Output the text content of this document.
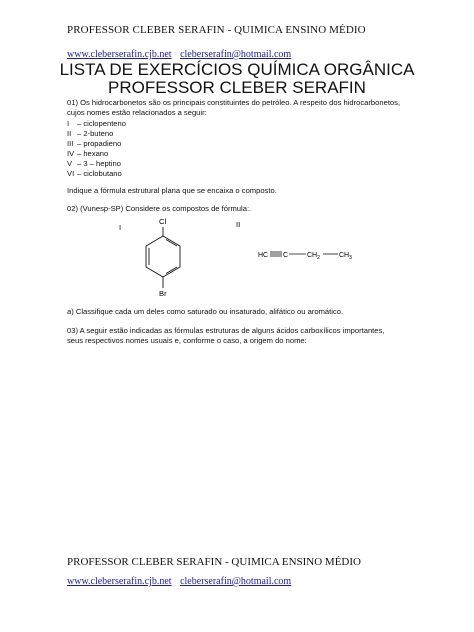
PROFESSOR CLEBER SERAFIN - QUIMICA ENSINO MÉDIO
www.cleberserafin.cjb.net cleberserafin@hotmail.com
LISTA DE EXERCÍCIOS QUÍMICA ORGÂNICA
PROFESSOR CLEBER SERAFIN
01) Os hidrocarbonetos são os principais constituintes do petróleo. A respeito dos hidrocarbonetos,
cujos nomes estão relacionados a seguir:
I	– ciclopenteno
II – 2-buteno
III – propadieno
IV – hexano
V – 3 – heptino
VI – ciclobutano
Indique a fórmula estrutural plana que se encaixa o composto.
02) (Vunesp-SP) Considere os compostos de fórmula:.
I	II
Cl
Br
HC C	$CH_2$	$CH_3$
a) Classifique cada um deles como saturado ou insaturado, alifático ou aromático.
03) A seguir estão indicadas as fórmulas estruturas de alguns ácidos carboxílicos importantes,
seus respectivos nomes usuais e, conforme o caso, a origem do nome:
PROFESSOR CLEBER SERAFIN - QUIMICA ENSINO MÉDIO
www.cleberserafin.cjb.net cleberserafin@hotmail.com
